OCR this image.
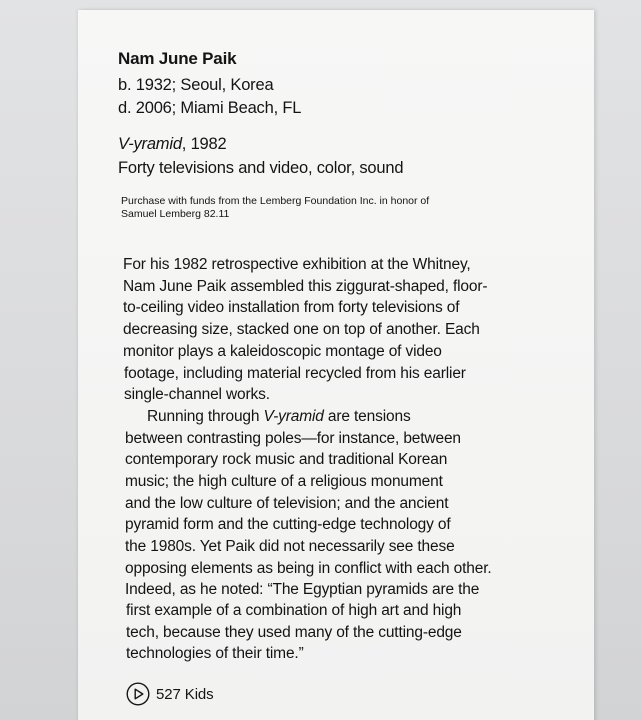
Nam June Paik
b. 1932; Seoul, Korea
d. 2006; Miami Beach, FL
V-yramid, 1982
Forty televisions and video, color, sound
Purchase with funds from the Lemberg Foundation Inc. in honor of
Samuel Lemberg 82.11
For his 1982 retrospective exhibition at the Whitney,
Nam June Paik assembled this ziggurat-shaped, floor-
to-ceiling video installation from forty televisions of
decreasing size, stacked one on top of another. Each
monitor plays a kaleidoscopic montage of video
footage, including material recycled from his earlier
single-channel works.
Running through V-yramid are tensions
between contrasting poles—for instance, between
contemporary rock music and traditional Korean
music; the high culture of a religious monument
and the low culture of television; and the ancient
pyramid form and the cutting-edge technology of
the 1980s. Yet Paik did not necessarily see these
opposing elements as being in conflict with each other.
Indeed, as he noted: “The Egyptian pyramids are the
first example of a combination of high art and high
tech, because they used many of the cutting-edge
technologies of their time.”
527 Kids
